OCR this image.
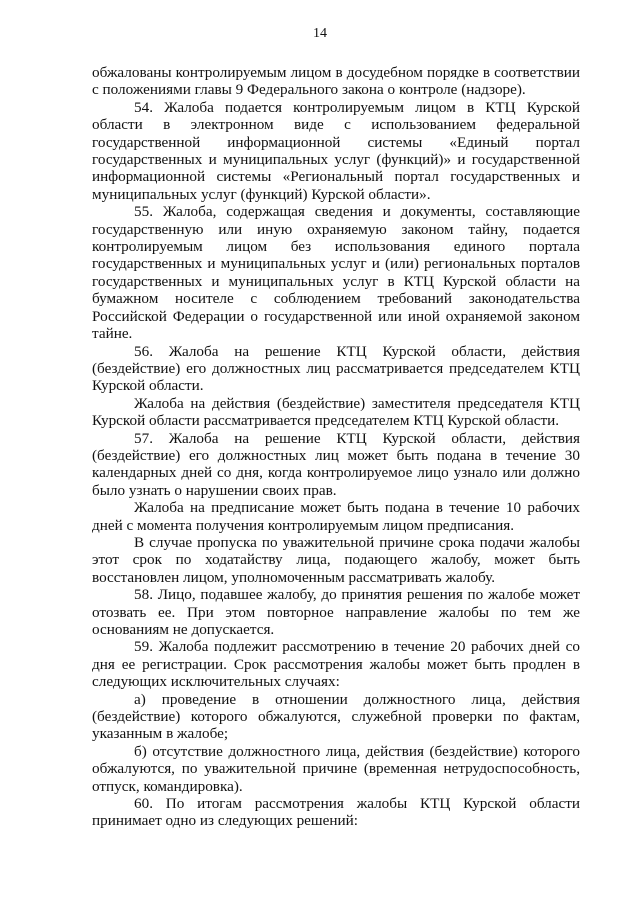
14

обжалованы контролируемым лицом в досудебном порядке в соответствии с положениями главы 9 Федерального закона о контроле (надзоре).

54. Жалоба подается контролируемым лицом в КТЦ Курской области в электронном виде с использованием федеральной государственной информационной системы «Единый портал государственных и муниципальных услуг (функций)» и государственной информационной системы «Региональный портал государственных и муниципальных услуг (функций) Курской области».

55. Жалоба, содержащая сведения и документы, составляющие государственную или иную охраняемую законом тайну, подается контролируемым лицом без использования единого портала государственных и муниципальных услуг и (или) региональных порталов государственных и муниципальных услуг в КТЦ Курской области на бумажном носителе с соблюдением требований законодательства Российской Федерации о государственной или иной охраняемой законом тайне.

56. Жалоба на решение КТЦ Курской области, действия (бездействие) его должностных лиц рассматривается председателем КТЦ Курской области.

Жалоба на действия (бездействие) заместителя председателя КТЦ Курской области рассматривается председателем КТЦ Курской области.

57. Жалоба на решение КТЦ Курской области, действия (бездействие) его должностных лиц может быть подана в течение 30 календарных дней со дня, когда контролируемое лицо узнало или должно было узнать о нарушении своих прав.

Жалоба на предписание может быть подана в течение 10 рабочих дней с момента получения контролируемым лицом предписания.

В случае пропуска по уважительной причине срока подачи жалобы этот срок по ходатайству лица, подающего жалобу, может быть восстановлен лицом, уполномоченным рассматривать жалобу.

58. Лицо, подавшее жалобу, до принятия решения по жалобе может отозвать ее. При этом повторное направление жалобы по тем же основаниям не допускается.

59. Жалоба подлежит рассмотрению в течение 20 рабочих дней со дня ее регистрации. Срок рассмотрения жалобы может быть продлен в следующих исключительных случаях:

а) проведение в отношении должностного лица, действия (бездействие) которого обжалуются, служебной проверки по фактам, указанным в жалобе;

б) отсутствие должностного лица, действия (бездействие) которого обжалуются, по уважительной причине (временная нетрудоспособность, отпуск, командировка).

60. По итогам рассмотрения жалобы КТЦ Курской области принимает одно из следующих решений:
